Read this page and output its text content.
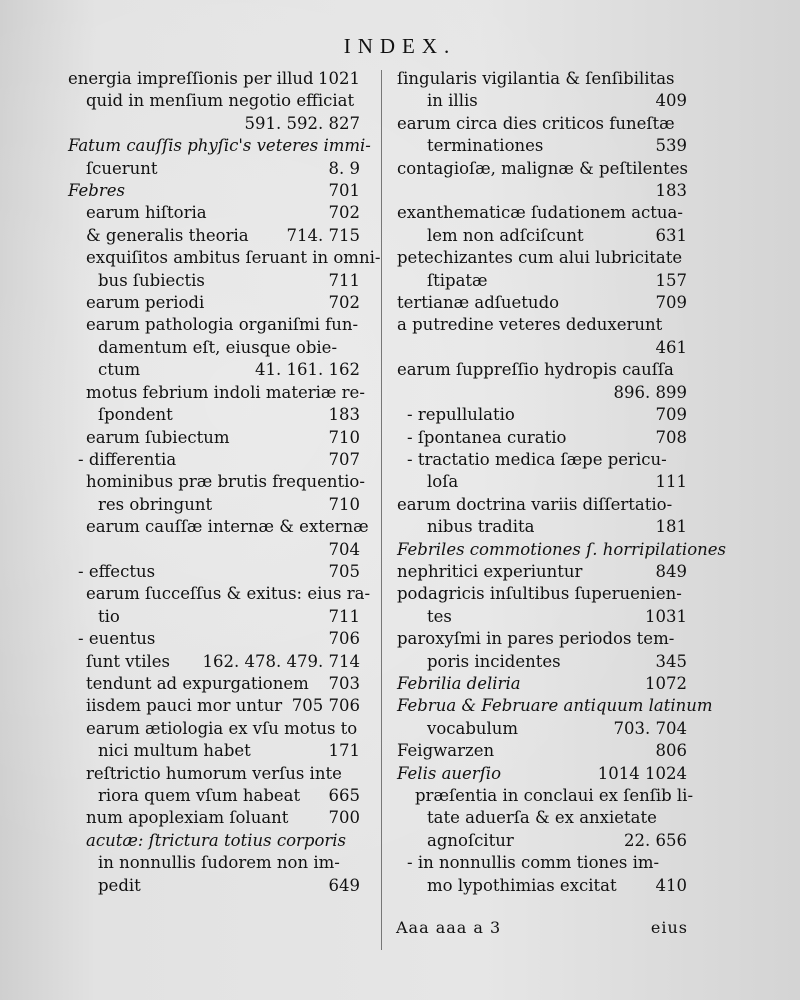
INDEX.
energia impreſſionis per illud 1021
quid in menſium negotio efficiat
591. 592. 827
Fatum cauſſis phyſic's veteres immi-
ſcuerunt	8. 9
Febres	701
earum hiſtoria	702
& generalis theoria 714. 715
exquiſitos ambitus ſeruant in omni-
bus ſubiectis	711
earum periodi	702
earum pathologia organiſmi fun-
damentum eſt, eiusque obie-
ctum	41. 161. 162
motus febrium indoli materiæ re-
ſpondent	183
earum ſubiectum	710
- differentia	707
hominibus præ brutis frequentio-
res obringunt	710
earum cauſſæ internæ & externæ
704
- effectus	705
earum ſucceſſus & exitus: eius ra-
tio	711
- euentus	706
ſunt vtiles 162. 478. 479. 714
tendunt ad expurgationem 703
iisdem pauci mor untur 705 706
earum ætiologia ex vſu motus to
nici multum habet	171
reſtrictio humorum verſus inte
riora quem vſum habeat 665
num apoplexiam ſoluant 700
acutæ: ſtrictura totius corporis
in nonnullis ſudorem non im-
pedit	649
ſingularis vigilantia & ſenſibilitas
in illis	409
earum circa dies criticos funeſtæ
terminationes	539
contagioſæ, malignæ & peſtilentes
183
exanthematicæ ſudationem actua-
lem non adſciſcunt	631
petechizantes cum alui lubricitate
ſtipatæ	157
tertianæ adſuetudo	709
a putredine veteres deduxerunt
461
earum ſuppreſſio hydropis cauſſa
896. 899
- repullulatio	709
- ſpontanea curatio	708
- tractatio medica ſæpe pericu-
loſa	111
earum doctrina variis diſſertatio-
nibus tradita	181
Febriles commotiones ſ. horripilationes
nephritici experiuntur	849
podagricis inſultibus ſuperuenien-
tes	1031
paroxyſmi in pares periodos tem-
poris incidentes	345
Febrilia deliria	1072
Februa & Februare antiquum latinum
vocabulum	703. 704
Feigwarzen	806
Felis auerſio	1014 1024
præſentia in conclaui ex ſenſib li-
tate aduerſa & ex anxietate
agnoſcitur	22. 656
- in nonnullis comm tiones im-
mo lypothimias excitat 410
Aaa aaa a 3	eius
